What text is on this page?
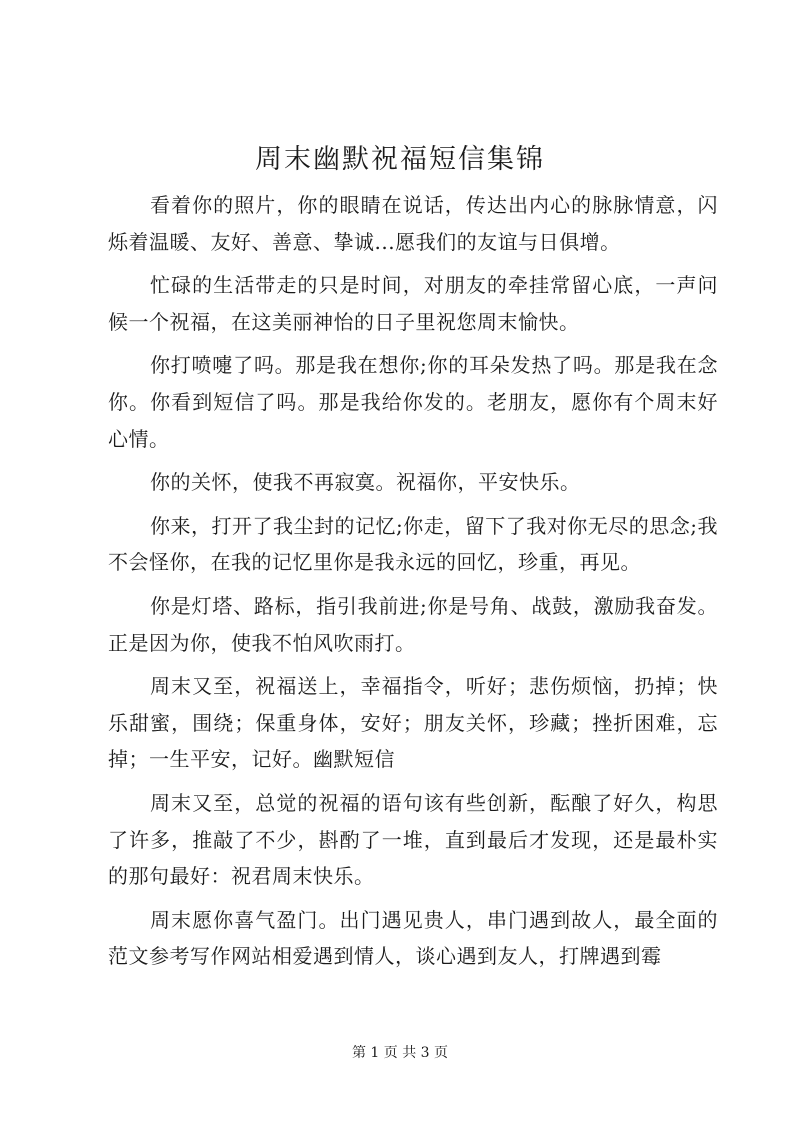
周末幽默祝福短信集锦

看着你的照片，你的眼睛在说话，传达出内心的脉脉情意，闪烁着温暖、友好、善意、挚诚...愿我们的友谊与日俱增。

忙碌的生活带走的只是时间，对朋友的牵挂常留心底，一声问候一个祝福，在这美丽神怡的日子里祝您周末愉快。

你打喷嚏了吗。那是我在想你;你的耳朵发热了吗。那是我在念你。你看到短信了吗。那是我给你发的。老朋友，愿你有个周末好心情。

你的关怀，使我不再寂寞。祝福你，平安快乐。

你来，打开了我尘封的记忆;你走，留下了我对你无尽的思念;我不会怪你，在我的记忆里你是我永远的回忆，珍重，再见。

你是灯塔、路标，指引我前进;你是号角、战鼓，激励我奋发。正是因为你，使我不怕风吹雨打。

周末又至，祝福送上，幸福指令，听好；悲伤烦恼，扔掉；快乐甜蜜，围绕；保重身体，安好；朋友关怀，珍藏；挫折困难，忘掉；一生平安，记好。幽默短信

周末又至，总觉的祝福的语句该有些创新，酝酿了好久，构思了许多，推敲了不少，斟酌了一堆，直到最后才发现，还是最朴实的那句最好：祝君周末快乐。

周末愿你喜气盈门。出门遇见贵人，串门遇到故人，最全面的范文参考写作网站相爱遇到情人，谈心遇到友人，打牌遇到霉

第 1 页 共 3 页
